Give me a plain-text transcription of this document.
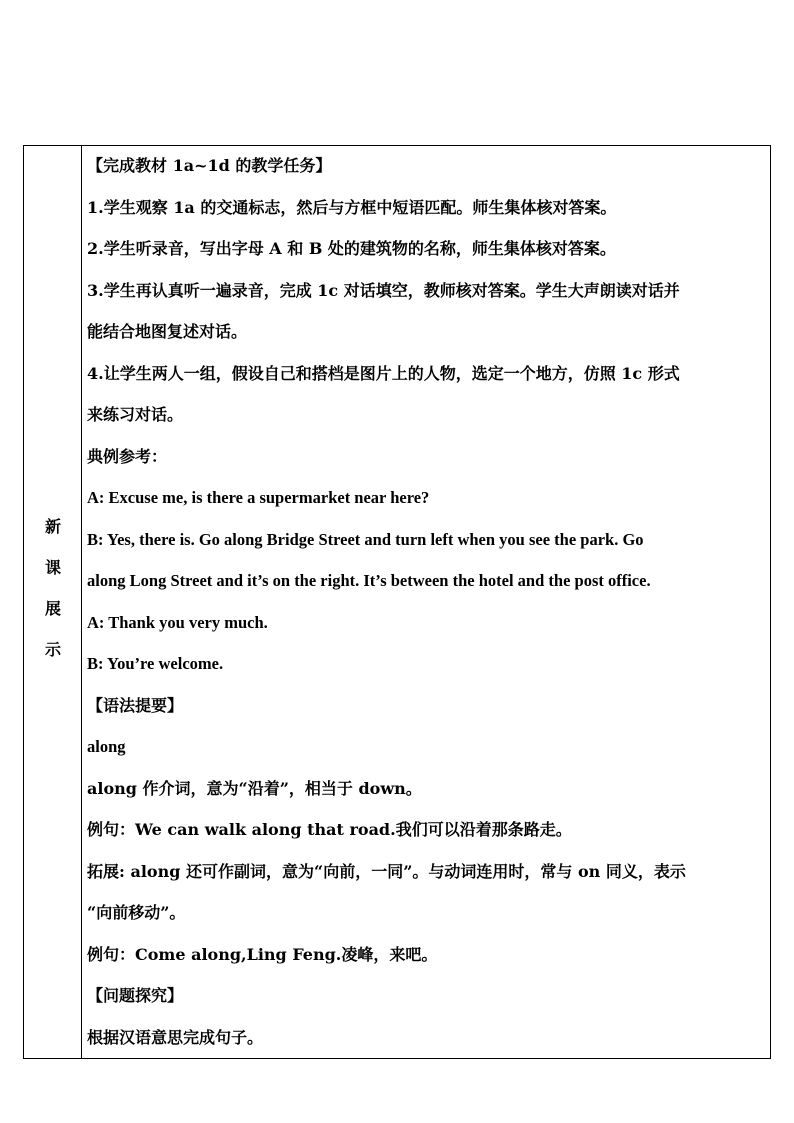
新
课
展
示
【完成教材 1a~1d 的教学任务】
1.学生观察 1a 的交通标志，然后与方框中短语匹配。师生集体核对答案。
2.学生听录音，写出字母 A 和 B 处的建筑物的名称，师生集体核对答案。
3.学生再认真听一遍录音，完成 1c 对话填空，教师核对答案。学生大声朗读对话并
能结合地图复述对话。
4.让学生两人一组，假设自己和搭档是图片上的人物，选定一个地方，仿照 1c 形式
来练习对话。
典例参考：
A: Excuse me, is there a supermarket near here?
B: Yes, there is. Go along Bridge Street and turn left when you see the park. Go
along Long Street and it’s on the right. It’s between the hotel and the post office.
A: Thank you very much.
B: You’re welcome.
【语法提要】
along
along 作介词，意为“沿着”，相当于 down。
例句：We can walk along that road.我们可以沿着那条路走。
拓展: along 还可作副词，意为“向前，一同”。与动词连用时，常与 on 同义，表示
“向前移动”。
例句：Come along,Ling Feng.凌峰，来吧。
【问题探究】
根据汉语意思完成句子。
